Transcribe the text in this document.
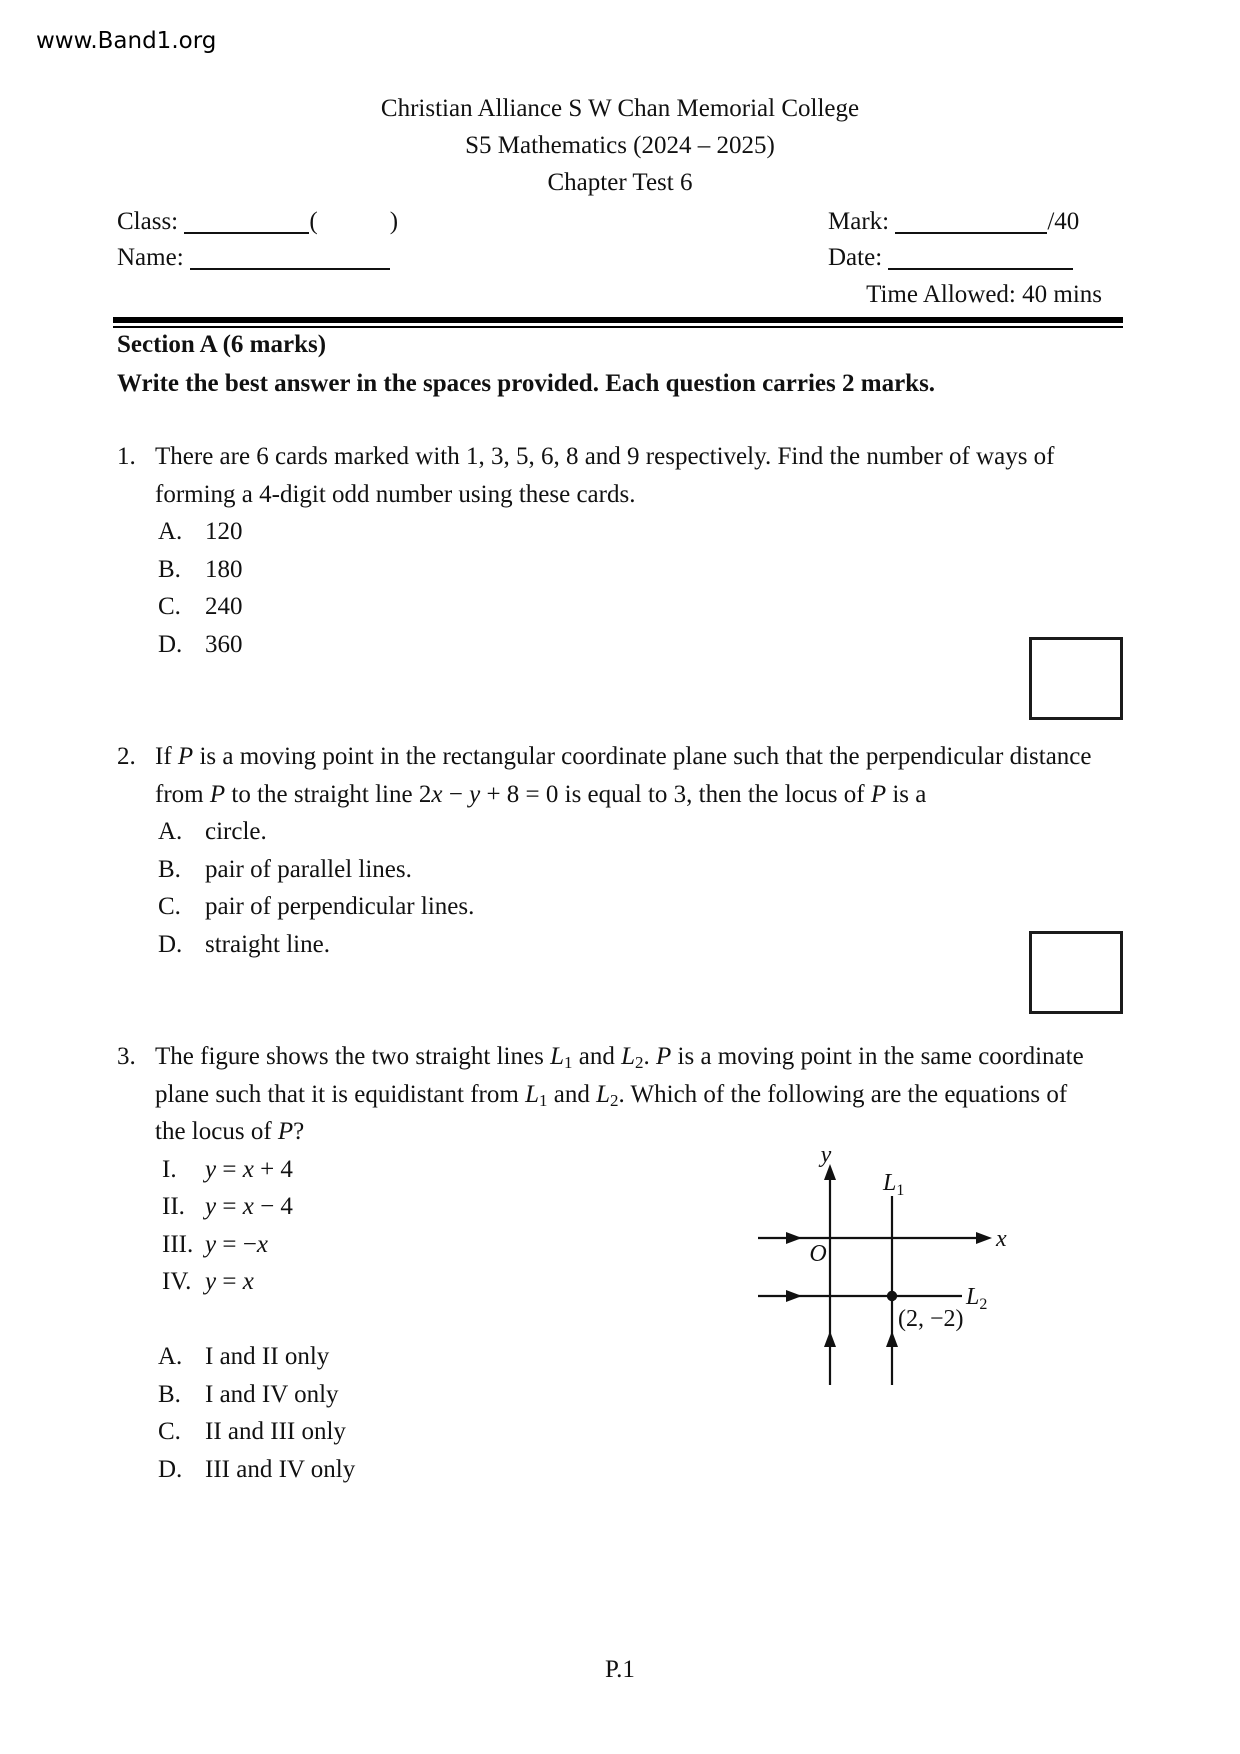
www.Band1.org
Christian Alliance S W Chan Memorial College
S5 Mathematics (2024 – 2025)
Chapter Test 6
Class:	(	)
Name:
Mark:	/40
Date:
Time Allowed: 40 mins
Section A (6 marks)
Write the best answer in the spaces provided. Each question carries 2 marks.
1. There are 6 cards marked with 1, 3, 5, 6, 8 and 9 respectively. Find the number of ways of
forming a 4-digit odd number using these cards.
A. 120
B. 180
C. 240
D. 360
2. If P is a moving point in the rectangular coordinate plane such that the perpendicular distance
from P to the straight line 2x − y + 8 = 0 is equal to 3, then the locus of P is a
A. circle.
B. pair of parallel lines.
C. pair of perpendicular lines.
D. straight line.
3. The figure shows the two straight lines $L_1$ and $L_2$. P is a moving point in the same coordinate
plane such that it is equidistant from $L_1$ and $L_2$. Which of the following are the equations of
the locus of P?
I. y = x + 4
II. y = x − 4
III. y = −x
IV. y = x
A. I and II only
B. I and IV only
C. II and III only
D. III and IV only
y
$L_1$
x
O
$L_2$
(2, −2)
P.1
